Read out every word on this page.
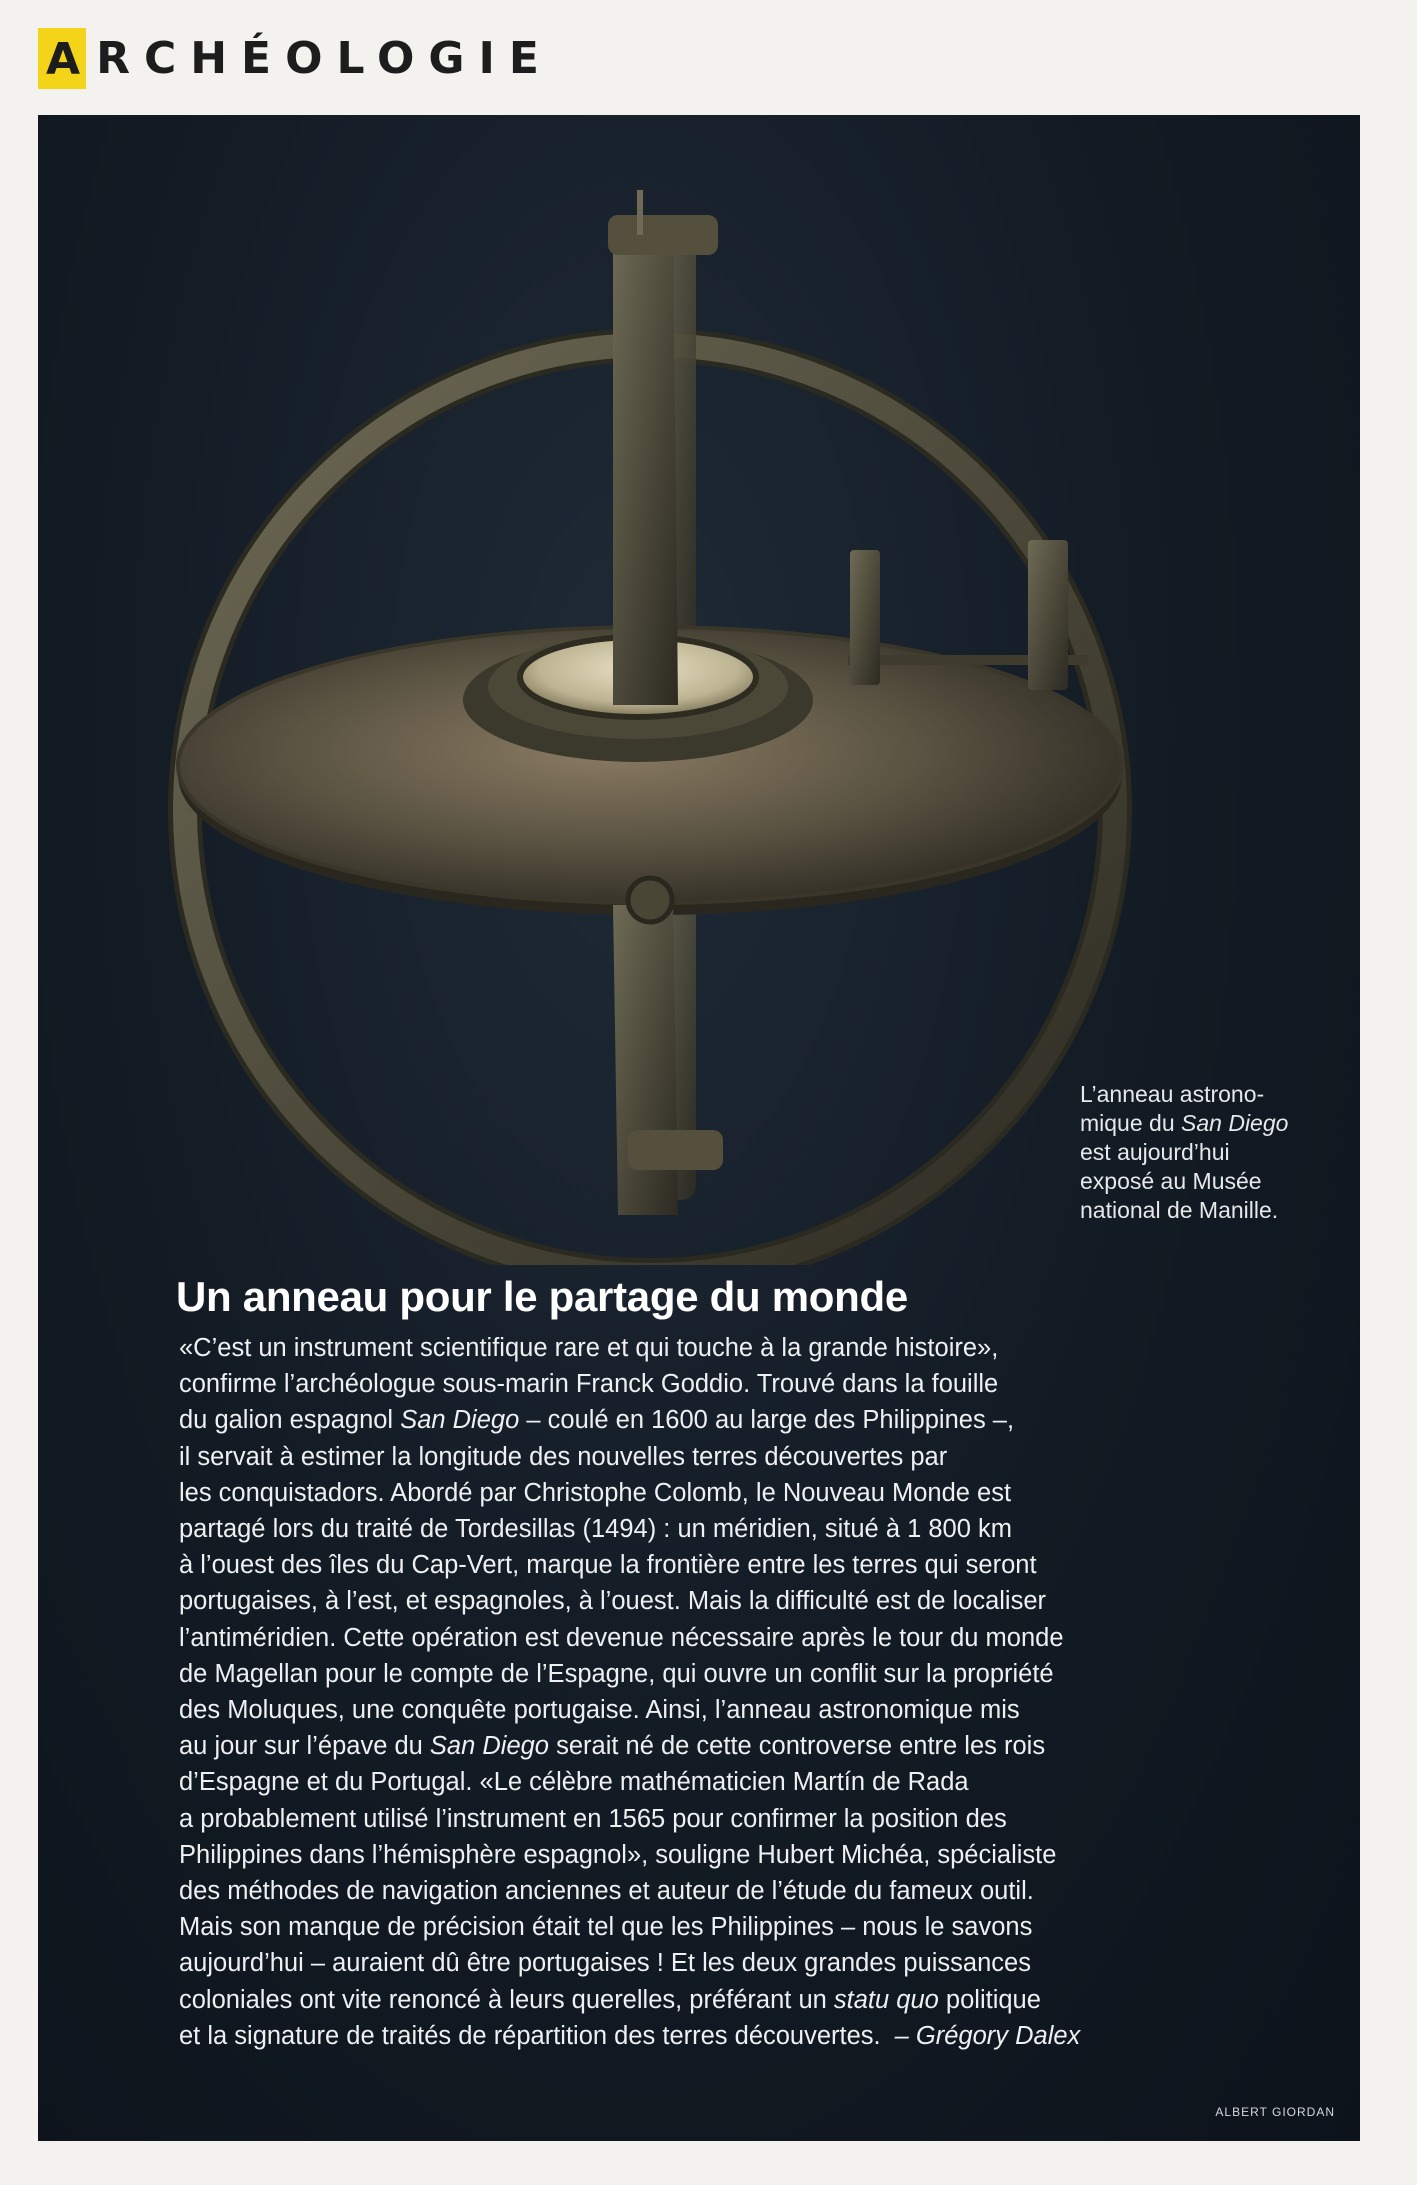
A RCHÉOLOGIE
L’anneau astrono-
mique du San Diego
est aujourd’hui
exposé au Musée
national de Manille.
Un anneau pour le partage du monde

«C’est un instrument scientifique rare et qui touche à la grande histoire»,
confirme l’archéologue sous-marin Franck Goddio. Trouvé dans la fouille
du galion espagnol San Diego – coulé en 1600 au large des Philippines –,
il servait à estimer la longitude des nouvelles terres découvertes par
les conquistadors. Abordé par Christophe Colomb, le Nouveau Monde est
partagé lors du traité de Tordesillas (1494) : un méridien, situé à 1 800 km
à l’ouest des îles du Cap-Vert, marque la frontière entre les terres qui seront
portugaises, à l’est, et espagnoles, à l’ouest. Mais la difficulté est de localiser
l’antiméridien. Cette opération est devenue nécessaire après le tour du monde
de Magellan pour le compte de l’Espagne, qui ouvre un conflit sur la propriété
des Moluques, une conquête portugaise. Ainsi, l’anneau astronomique mis
au jour sur l’épave du San Diego serait né de cette controverse entre les rois
d’Espagne et du Portugal. «Le célèbre mathématicien Martín de Rada
a probablement utilisé l’instrument en 1565 pour confirmer la position des
Philippines dans l’hémisphère espagnol», souligne Hubert Michéa, spécialiste
des méthodes de navigation anciennes et auteur de l’étude du fameux outil.
Mais son manque de précision était tel que les Philippines – nous le savons
aujourd’hui – auraient dû être portugaises ! Et les deux grandes puissances
coloniales ont vite renoncé à leurs querelles, préférant un statu quo politique
et la signature de traités de répartition des terres découvertes. – Grégory Dalex

ALBERT GIORDAN
